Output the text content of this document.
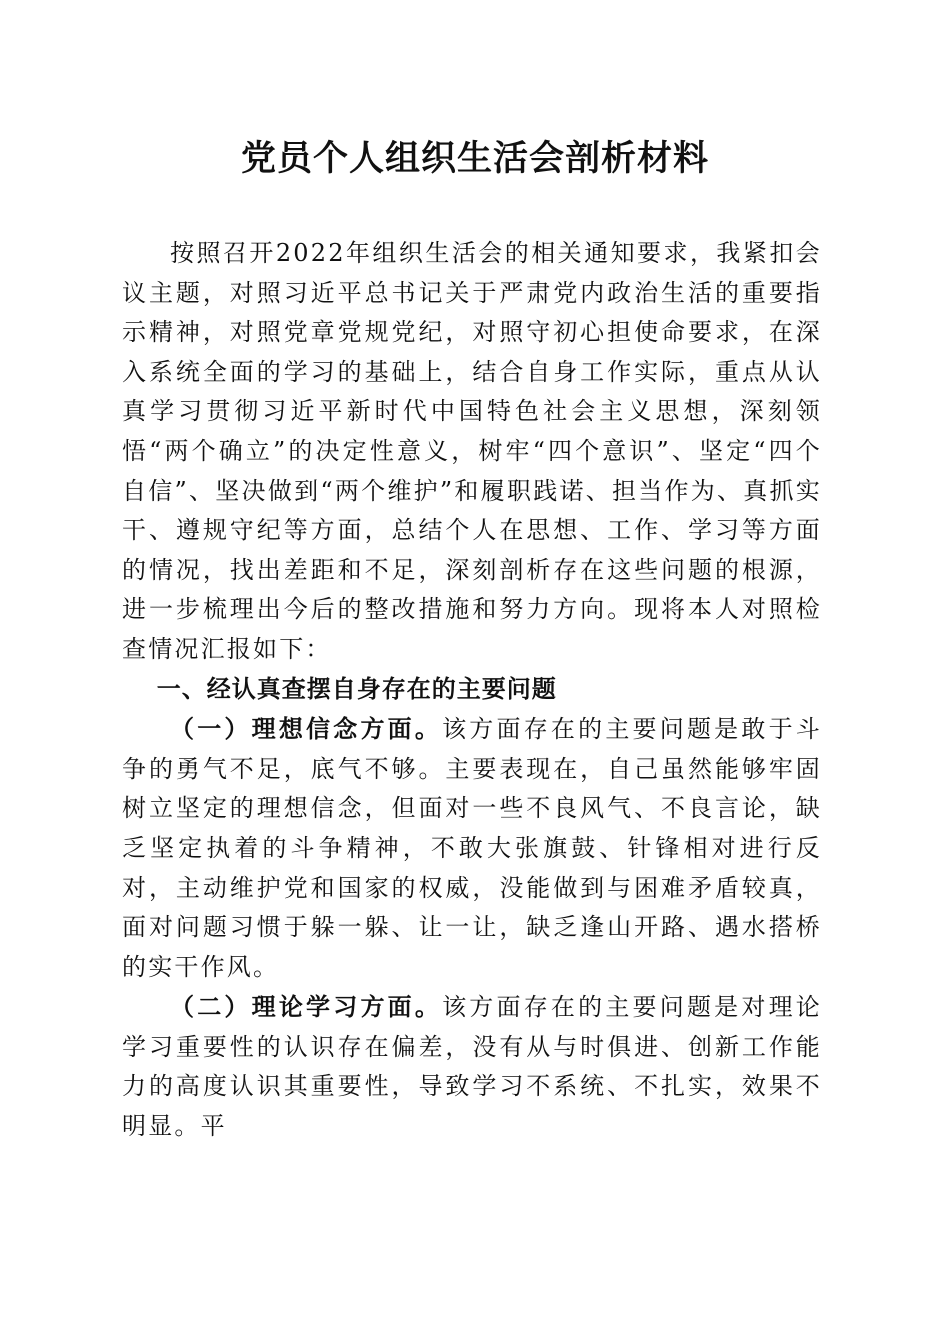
党员个人组织生活会剖析材料

按照召开2022年组织生活会的相关通知要求，我紧扣会议主题，对照习近平总书记关于严肃党内政治生活的重要指示精神，对照党章党规党纪，对照守初心担使命要求，在深入系统全面的学习的基础上，结合自身工作实际，重点从认真学习贯彻习近平新时代中国特色社会主义思想，深刻领悟“两个确立”的决定性意义，树牢“四个意识”、坚定“四个自信”、坚决做到“两个维护”和履职践诺、担当作为、真抓实干、遵规守纪等方面，总结个人在思想、工作、学习等方面的情况，找出差距和不足，深刻剖析存在这些问题的根源，进一步梳理出今后的整改措施和努力方向。现将本人对照检查情况汇报如下：

一、经认真查摆自身存在的主要问题

（一）理想信念方面。该方面存在的主要问题是敢于斗争的勇气不足，底气不够。主要表现在，自己虽然能够牢固树立坚定的理想信念，但面对一些不良风气、不良言论，缺乏坚定执着的斗争精神，不敢大张旗鼓、针锋相对进行反对，主动维护党和国家的权威，没能做到与困难矛盾较真，面对问题习惯于躲一躲、让一让，缺乏逢山开路、遇水搭桥的实干作风。

（二）理论学习方面。该方面存在的主要问题是对理论学习重要性的认识存在偏差，没有从与时俱进、创新工作能力的高度认识其重要性，导致学习不系统、不扎实，效果不明显。平
